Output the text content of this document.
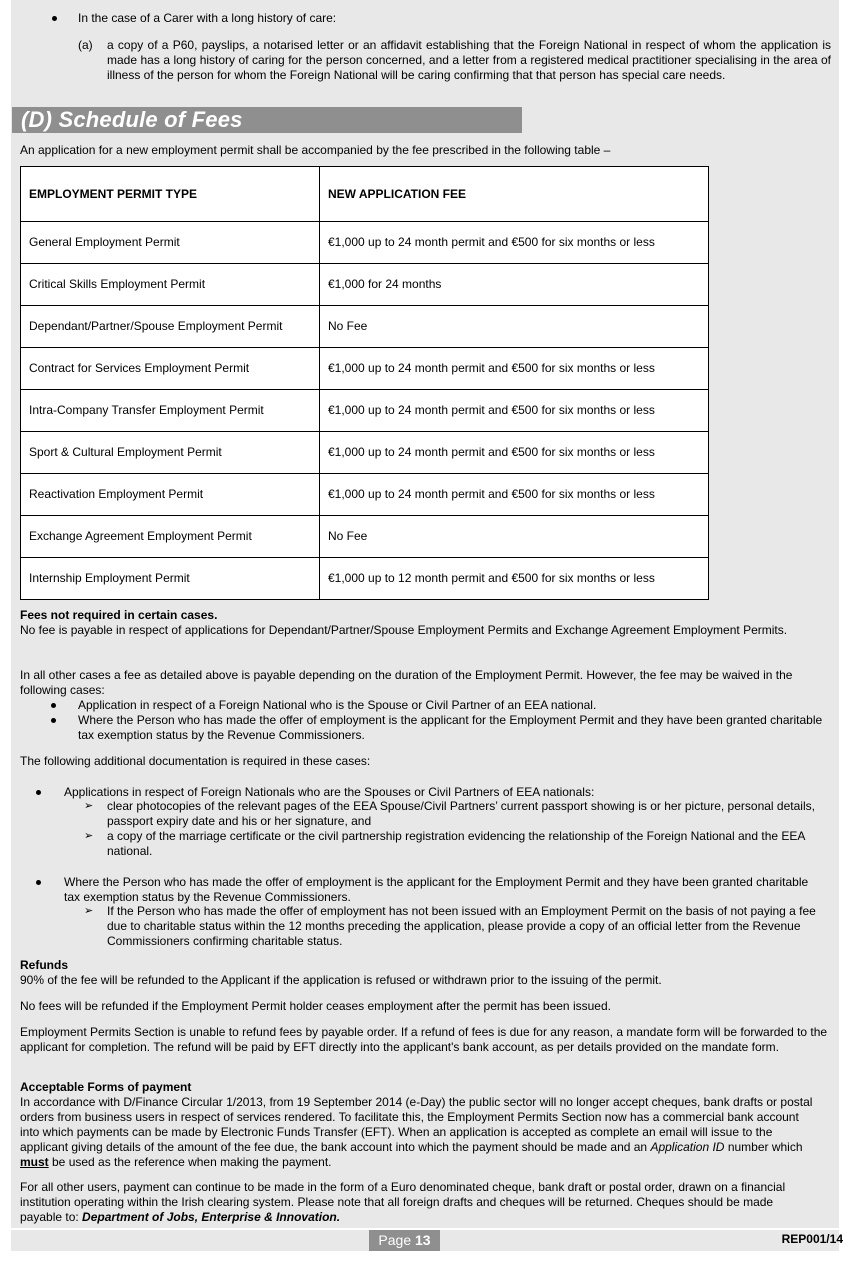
In the case of a Carer with a long history of care:
(a)	a copy of a P60, payslips, a notarised letter or an affidavit establishing that the Foreign National in respect of whom the application is made has a long history of caring for the person concerned, and a letter from a registered medical practitioner specialising in the area of illness of the person for whom the Foreign National will be caring confirming that that person has special care needs.
(D) Schedule of Fees
An application for a new employment permit shall be accompanied by the fee prescribed in the following table –
EMPLOYMENT PERMIT TYPE	NEW APPLICATION FEE
General Employment Permit	€1,000 up to 24 month permit and €500 for six months or less
Critical Skills Employment Permit	€1,000 for 24 months
Dependant/Partner/Spouse Employment Permit	No Fee
Contract for Services Employment Permit	€1,000 up to 24 month permit and €500 for six months or less
Intra-Company Transfer Employment Permit	€1,000 up to 24 month permit and €500 for six months or less
Sport & Cultural Employment Permit	€1,000 up to 24 month permit and €500 for six months or less
Reactivation Employment Permit	€1,000 up to 24 month permit and €500 for six months or less
Exchange Agreement Employment Permit	No Fee
Internship Employment Permit	€1,000 up to 12 month permit and €500 for six months or less
Fees not required in certain cases.
No fee is payable in respect of applications for Dependant/Partner/Spouse Employment Permits and Exchange Agreement Employment Permits.
In all other cases a fee as detailed above is payable depending on the duration of the Employment Permit. However, the fee may be waived in the following cases:
Application in respect of a Foreign National who is the Spouse or Civil Partner of an EEA national.
Where the Person who has made the offer of employment is the applicant for the Employment Permit and they have been granted charitable tax exemption status by the Revenue Commissioners.
The following additional documentation is required in these cases:
Applications in respect of Foreign Nationals who are the Spouses or Civil Partners of EEA nationals:
➢ clear photocopies of the relevant pages of the EEA Spouse/Civil Partners’ current passport showing is or her picture, personal details, passport expiry date and his or her signature, and
➢ a copy of the marriage certificate or the civil partnership registration evidencing the relationship of the Foreign National and the EEA national.
Where the Person who has made the offer of employment is the applicant for the Employment Permit and they have been granted charitable tax exemption status by the Revenue Commissioners.
➢ If the Person who has made the offer of employment has not been issued with an Employment Permit on the basis of not paying a fee due to charitable status within the 12 months preceding the application, please provide a copy of an official letter from the Revenue Commissioners confirming charitable status.
Refunds
90% of the fee will be refunded to the Applicant if the application is refused or withdrawn prior to the issuing of the permit.
No fees will be refunded if the Employment Permit holder ceases employment after the permit has been issued.
Employment Permits Section is unable to refund fees by payable order. If a refund of fees is due for any reason, a mandate form will be forwarded to the applicant for completion. The refund will be paid by EFT directly into the applicant's bank account, as per details provided on the mandate form.
Acceptable Forms of payment
In accordance with D/Finance Circular 1/2013, from 19 September 2014 (e-Day) the public sector will no longer accept cheques, bank drafts or postal orders from business users in respect of services rendered. To facilitate this, the Employment Permits Section now has a commercial bank account into which payments can be made by Electronic Funds Transfer (EFT). When an application is accepted as complete an email will issue to the applicant giving details of the amount of the fee due, the bank account into which the payment should be made and an Application ID number which must be used as the reference when making the payment.
For all other users, payment can continue to be made in the form of a Euro denominated cheque, bank draft or postal order, drawn on a financial institution operating within the Irish clearing system. Please note that all foreign drafts and cheques will be returned. Cheques should be made payable to: Department of Jobs, Enterprise & Innovation.
Page 13	REP001/14
